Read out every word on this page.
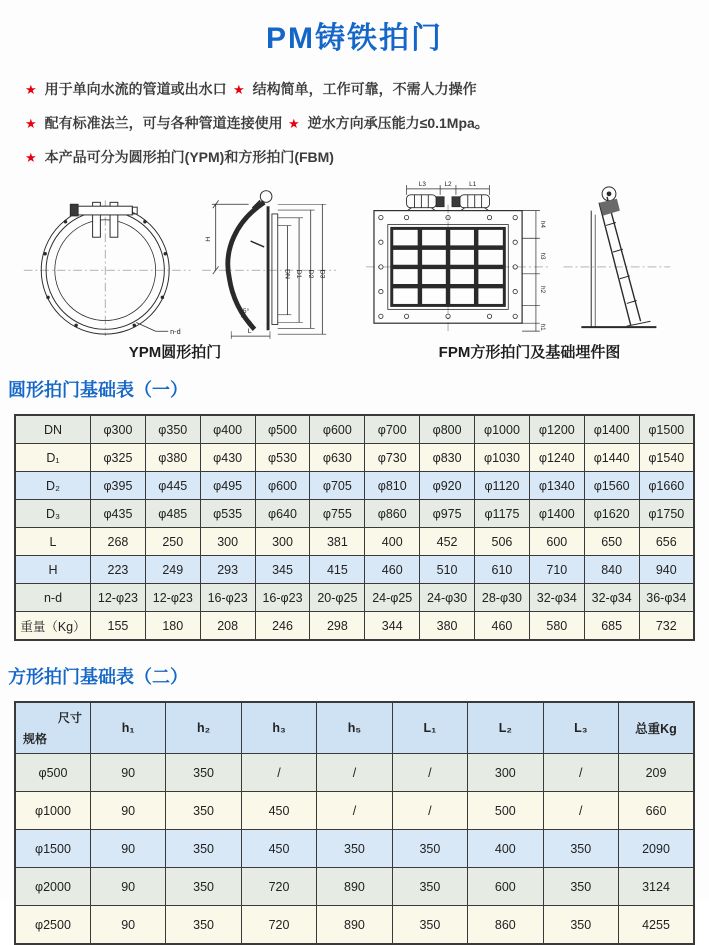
PM铸铁拍门
★ 用于单向水流的管道或出水口 ★ 结构简单，工作可靠，不需人力操作
★ 配有标准法兰，可与各种管道连接使用 ★ 逆水方向承压能力≤0.1Mpa。
★ 本产品可分为圆形拍门(YPM)和方形拍门(FBM)
n-d
H
DN D1 D2 D3
75°
L
YPM圆形拍门
L3	L2	L1
h4
h3
h2
h1
FPM方形拍门及基础埋件图
圆形拍门基础表（一）
DN	φ300	φ350	φ400	φ500	φ600	φ700	φ800	φ1000	φ1200	φ1400	φ1500
D₁	φ325	φ380	φ430	φ530	φ630	φ730	φ830	φ1030	φ1240	φ1440	φ1540
D₂	φ395	φ445	φ495	φ600	φ705	φ810	φ920	φ1120	φ1340	φ1560	φ1660
D₃	φ435	φ485	φ535	φ640	φ755	φ860	φ975	φ1175	φ1400	φ1620	φ1750
L	268	250	300	300	381	400	452	506	600	650	656
H	223	249	293	345	415	460	510	610	710	840	940
n-d	12-φ23	12-φ23	16-φ23	16-φ23	20-φ25	24-φ25	24-φ30	28-φ30	32-φ34	32-φ34	36-φ34
重量（Kg）	155	180	208	246	298	344	380	460	580	685	732
方形拍门基础表（二）
尺寸
规格	h₁	h₂	h₃	h₅	L₁	L₂	L₃	总重Kg
φ500	90	350	/	/	/	300	/	209
φ1000	90	350	450	/	/	500	/	660
φ1500	90	350	450	350	350	400	350	2090
φ2000	90	350	720	890	350	600	350	3124
φ2500	90	350	720	890	350	860	350	4255
